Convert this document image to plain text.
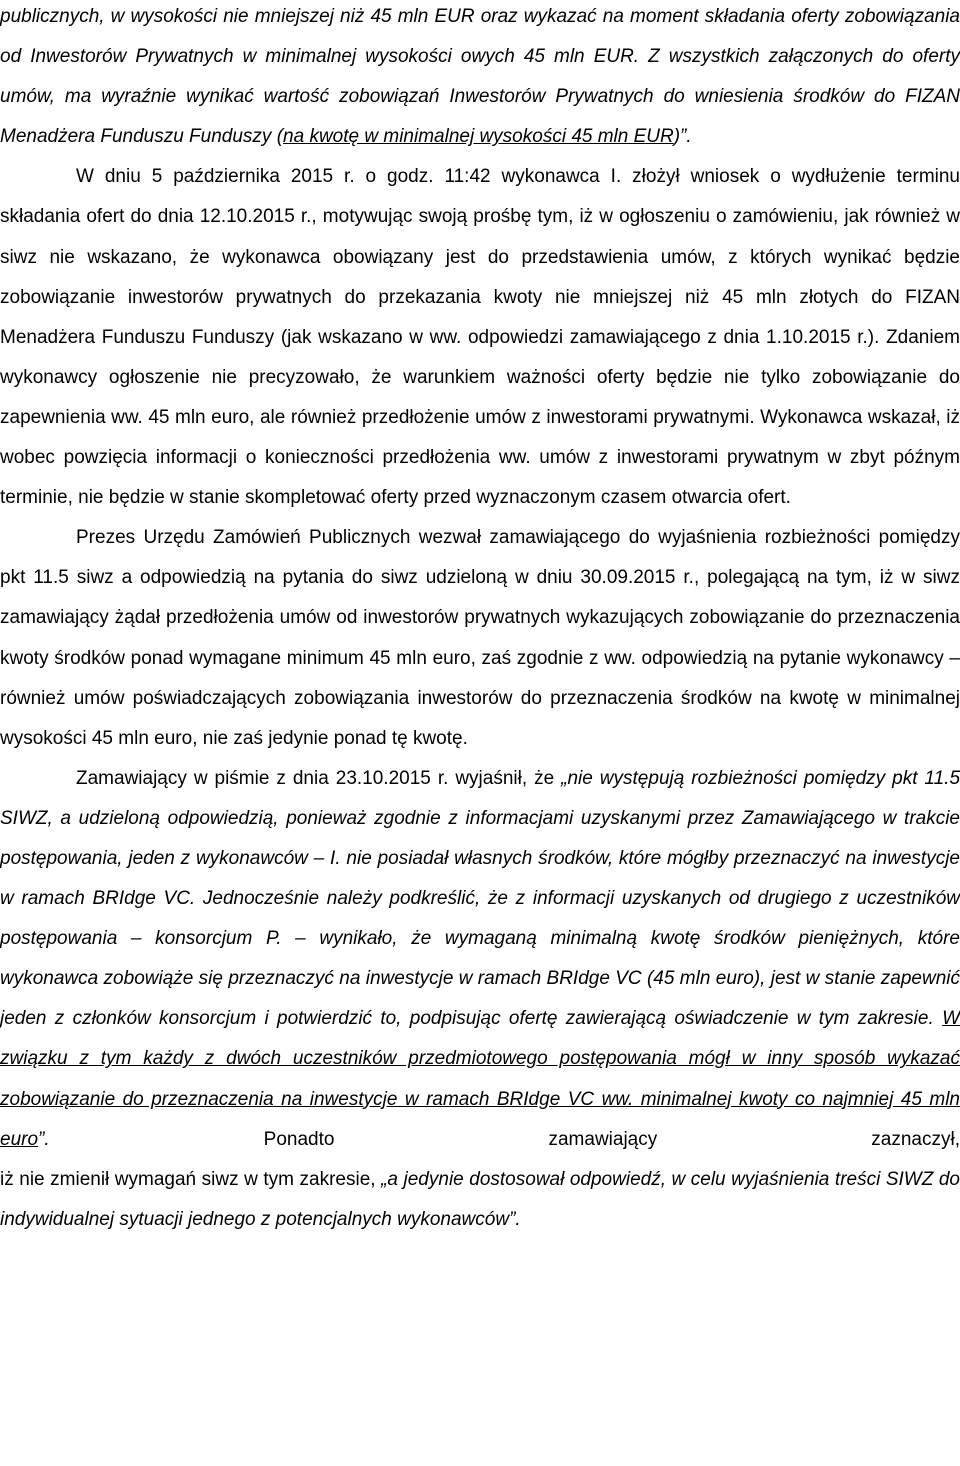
publicznych, w wysokości nie mniejszej niż 45 mln EUR oraz wykazać na moment składania oferty zobowiązania od Inwestorów Prywatnych w minimalnej wysokości owych 45 mln EUR. Z wszystkich załączonych do oferty umów, ma wyraźnie wynikać wartość zobowiązań Inwestorów Prywatnych do wniesienia środków do FIZAN Menadżera Funduszu Funduszy (na kwotę w minimalnej wysokości 45 mln EUR)”.

W dniu 5 października 2015 r. o godz. 11:42 wykonawca I. złożył wniosek o wydłużenie terminu składania ofert do dnia 12.10.2015 r., motywując swoją prośbę tym, iż w ogłoszeniu o zamówieniu, jak również w siwz nie wskazano, że wykonawca obowiązany jest do przedstawienia umów, z których wynikać będzie zobowiązanie inwestorów prywatnych do przekazania kwoty nie mniejszej niż 45 mln złotych do FIZAN Menadżera Funduszu Funduszy (jak wskazano w ww. odpowiedzi zamawiającego z dnia 1.10.2015 r.). Zdaniem wykonawcy ogłoszenie nie precyzowało, że warunkiem ważności oferty będzie nie tylko zobowiązanie do zapewnienia ww. 45 mln euro, ale również przedłożenie umów z inwestorami prywatnymi. Wykonawca wskazał, iż wobec powzięcia informacji o konieczności przedłożenia ww. umów z inwestorami prywatnym w zbyt późnym terminie, nie będzie w stanie skompletować oferty przed wyznaczonym czasem otwarcia ofert.

Prezes Urzędu Zamówień Publicznych wezwał zamawiającego do wyjaśnienia rozbieżności pomiędzy pkt 11.5 siwz a odpowiedzią na pytania do siwz udzieloną w dniu 30.09.2015 r., polegającą na tym, iż w siwz zamawiający żądał przedłożenia umów od inwestorów prywatnych wykazujących zobowiązanie do przeznaczenia kwoty środków ponad wymagane minimum 45 mln euro, zaś zgodnie z ww. odpowiedzią na pytanie wykonawcy – również umów poświadczających zobowiązania inwestorów do przeznaczenia środków na kwotę w minimalnej wysokości 45 mln euro, nie zaś jedynie ponad tę kwotę.

Zamawiający w piśmie z dnia 23.10.2015 r. wyjaśnił, że „nie występują rozbieżności pomiędzy pkt 11.5 SIWZ, a udzieloną odpowiedzią, ponieważ zgodnie z informacjami uzyskanymi przez Zamawiającego w trakcie postępowania, jeden z wykonawców – I. nie posiadał własnych środków, które mógłby przeznaczyć na inwestycje w ramach BRIdge VC. Jednocześnie należy podkreślić, że z informacji uzyskanych od drugiego z uczestników postępowania – konsorcjum P. – wynikało, że wymaganą minimalną kwotę środków pieniężnych, które wykonawca zobowiąże się przeznaczyć na inwestycje w ramach BRIdge VC (45 mln euro), jest w stanie zapewnić jeden z członków konsorcjum i potwierdzić to, podpisując ofertę zawierającą oświadczenie w tym zakresie. W związku z tym każdy z dwóch uczestników przedmiotowego postępowania mógł w inny sposób wykazać zobowiązanie do przeznaczenia na inwestycje w ramach BRIdge VC ww. minimalnej kwoty co najmniej 45 mln euro”. Ponadto zamawiający zaznaczył,

iż nie zmienił wymagań siwz w tym zakresie, „a jedynie dostosował odpowiedź, w celu wyjaśnienia treści SIWZ do indywidualnej sytuacji jednego z potencjalnych wykonawców”.
